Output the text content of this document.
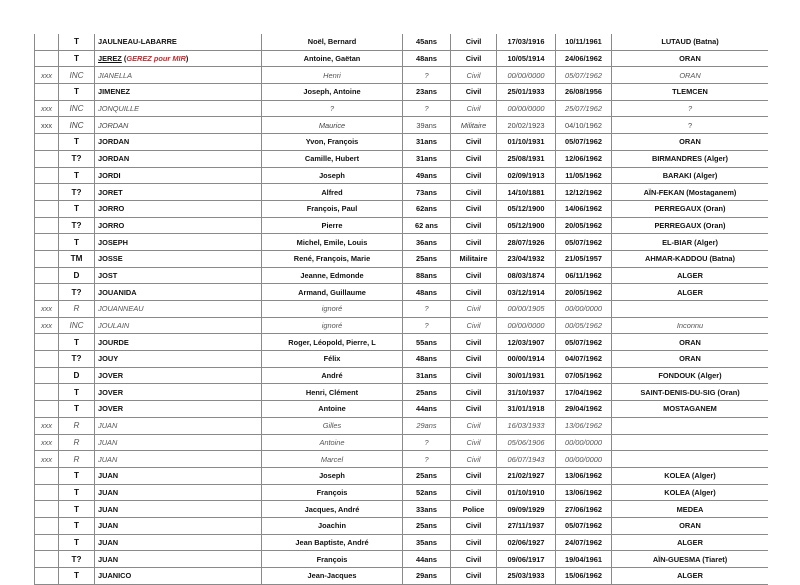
	T	JAULNEAU-LABARRE	Noël, Bernard	45ans	Civil	17/03/1916	10/11/1961	LUTAUD (Batna)
	T	JEREZ (GEREZ pour MIR)	Antoine, Gaëtan	48ans	Civil	10/05/1914	24/06/1962	ORAN
xxx	INC	JIANELLA	Henri	?	Civil	00/00/0000	05/07/1962	ORAN
	T	JIMENEZ	Joseph, Antoine	23ans	Civil	25/01/1933	26/08/1956	TLEMCEN
xxx	INC	JONQUILLE	?	?	Civil	00/00/0000	25/07/1962	?
xxx	INC	JORDAN	Maurice	39ans	Militaire	20/02/1923	04/10/1962	?
	T	JORDAN	Yvon, François	31ans	Civil	01/10/1931	05/07/1962	ORAN
	T?	JORDAN	Camille, Hubert	31ans	Civil	25/08/1931	12/06/1962	BIRMANDRES (Alger)
	T	JORDI	Joseph	49ans	Civil	02/09/1913	11/05/1962	BARAKI (Alger)
	T?	JORET	Alfred	73ans	Civil	14/10/1881	12/12/1962	AÏN-FEKAN (Mostaganem)
	T	JORRO	François, Paul	62ans	Civil	05/12/1900	14/06/1962	PERREGAUX (Oran)
	T?	JORRO	Pierre	62 ans	Civil	05/12/1900	20/05/1962	PERREGAUX (Oran)
	T	JOSEPH	Michel, Emile, Louis	36ans	Civil	28/07/1926	05/07/1962	EL-BIAR (Alger)
	TM	JOSSE	René, François, Marie	25ans	Militaire	23/04/1932	21/05/1957	AHMAR-KADDOU (Batna)
	D	JOST	Jeanne, Edmonde	88ans	Civil	08/03/1874	06/11/1962	ALGER
	T?	JOUANIDA	Armand, Guillaume	48ans	Civil	03/12/1914	20/05/1962	ALGER
xxx	R	JOUANNEAU	ignoré	?	Civil	00/00/1905	00/00/0000	
xxx	INC	JOULAIN	ignoré	?	Civil	00/00/0000	00/05/1962	Inconnu
	T	JOURDE	Roger, Léopold, Pierre, L	55ans	Civil	12/03/1907	05/07/1962	ORAN
	T?	JOUY	Félix	48ans	Civil	00/00/1914	04/07/1962	ORAN
	D	JOVER	André	31ans	Civil	30/01/1931	07/05/1962	FONDOUK (Alger)
	T	JOVER	Henri, Clément	25ans	Civil	31/10/1937	17/04/1962	SAINT-DENIS-DU-SIG (Oran)
	T	JOVER	Antoine	44ans	Civil	31/01/1918	29/04/1962	MOSTAGANEM
xxx	R	JUAN	Gilles	29ans	Civil	16/03/1933	13/06/1962	
xxx	R	JUAN	Antoine	?	Civil	05/06/1906	00/00/0000	
xxx	R	JUAN	Marcel	?	Civil	06/07/1943	00/00/0000	
	T	JUAN	Joseph	25ans	Civil	21/02/1927	13/06/1962	KOLEA (Alger)
	T	JUAN	François	52ans	Civil	01/10/1910	13/06/1962	KOLEA (Alger)
	T	JUAN	Jacques, André	33ans	Police	09/09/1929	27/06/1962	MEDEA
	T	JUAN	Joachin	25ans	Civil	27/11/1937	05/07/1962	ORAN
	T	JUAN	Jean Baptiste, André	35ans	Civil	02/06/1927	24/07/1962	ALGER
	T?	JUAN	François	44ans	Civil	09/06/1917	19/04/1961	AÏN-GUESMA (Tiaret)
	T	JUANICO	Jean-Jacques	29ans	Civil	25/03/1933	15/06/1962	ALGER
